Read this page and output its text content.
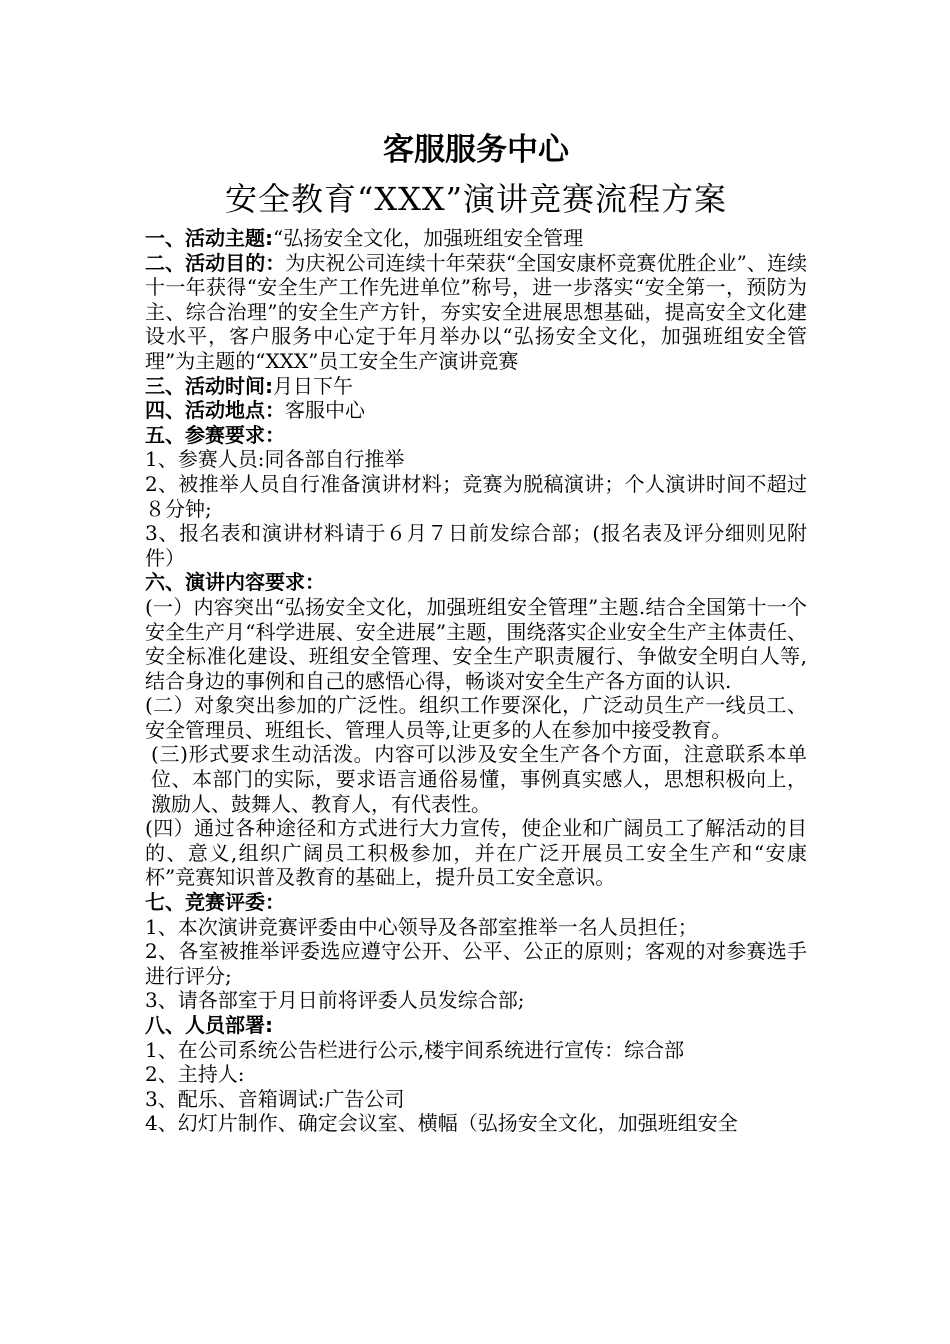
客服服务中心
安全教育“XXX”演讲竞赛流程方案
一、活动主题:“弘扬安全文化，加强班组安全管理
二、活动目的：为庆祝公司连续十年荣获“全国安康杯竞赛优胜企业”、连续十一年获得“安全生产工作先进单位”称号，进一步落实“安全第一，预防为主、综合治理”的安全生产方针，夯实安全进展思想基础，提高安全文化建设水平，客户服务中心定于年月举办以“弘扬安全文化，加强班组安全管理”为主题的“XXX”员工安全生产演讲竞赛
三、活动时间:月日下午
四、活动地点：客服中心
五、参赛要求：
1、参赛人员:同各部自行推举
2、被推举人员自行准备演讲材料；竞赛为脱稿演讲；个人演讲时间不超过８分钟;
3、报名表和演讲材料请于６月７日前发综合部；(报名表及评分细则见附件）
六、演讲内容要求：
(一）内容突出“弘扬安全文化，加强班组安全管理”主题.结合全国第十一个安全生产月“科学进展、安全进展”主题，围绕落实企业安全生产主体责任、安全标准化建设、班组安全管理、安全生产职责履行、争做安全明白人等,结合身边的事例和自己的感悟心得，畅谈对安全生产各方面的认识.
(二）对象突出参加的广泛性。组织工作要深化，广泛动员生产一线员工、安全管理员、班组长、管理人员等,让更多的人在参加中接受教育。
(三)形式要求生动活泼。内容可以涉及安全生产各个方面，注意联系本单位、本部门的实际，要求语言通俗易懂，事例真实感人，思想积极向上，激励人、鼓舞人、教育人，有代表性。
(四）通过各种途径和方式进行大力宣传，使企业和广阔员工了解活动的目的、意义,组织广阔员工积极参加，并在广泛开展员工安全生产和“安康杯”竞赛知识普及教育的基础上，提升员工安全意识。
七、竞赛评委：
1、本次演讲竞赛评委由中心领导及各部室推举一名人员担任；
2、各室被推举评委选应遵守公开、公平、公正的原则；客观的对参赛选手进行评分;
3、请各部室于月日前将评委人员发综合部;
八、人员部署:
1、在公司系统公告栏进行公示,楼宇间系统进行宣传：综合部
2、主持人:
3、配乐、音箱调试:广告公司
4、幻灯片制作、确定会议室、横幅（弘扬安全文化，加强班组安全
